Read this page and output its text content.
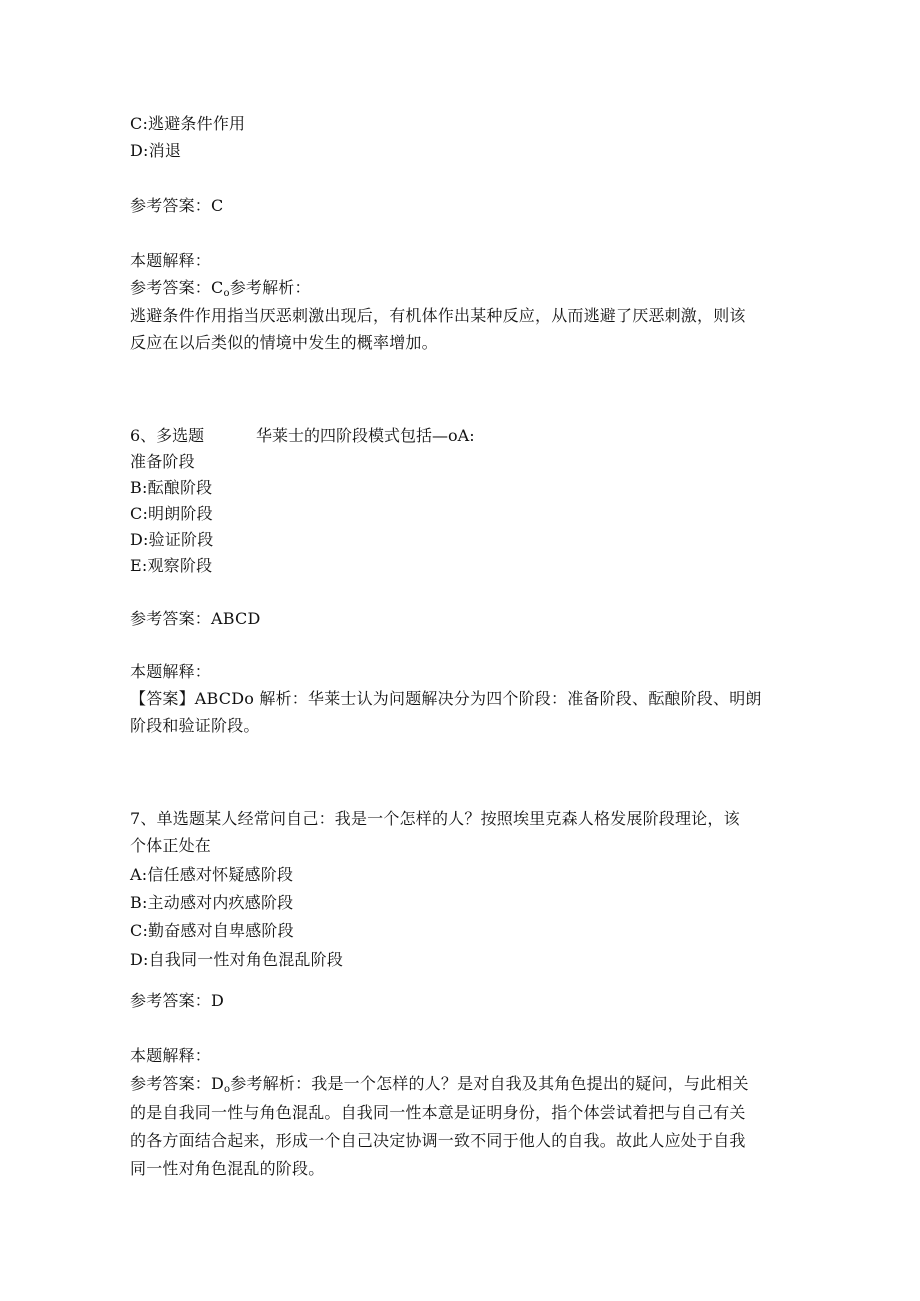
C:逃避条件作用
D:消退
参考答案：C
本题解释：
参考答案：$C_o$参考解析：
逃避条件作用指当厌恶刺激出现后，有机体作出某种反应，从而逃避了厌恶刺激，则该
反应在以后类似的情境中发生的概率增加。
6、多选题	华莱士的四阶段模式包括—oA:
准备阶段
B:酝酿阶段
C:明朗阶段
D:验证阶段
E:观察阶段
参考答案：ABCD
本题解释：
【答案】ABCDo 解析：华莱士认为问题解决分为四个阶段：准备阶段、酝酿阶段、明朗
阶段和验证阶段。
7、单选题某人经常问自己：我是一个怎样的人？按照埃里克森人格发展阶段理论，该
个体正处在
A:信任感对怀疑感阶段
B:主动感对内疚感阶段
C:勤奋感对自卑感阶段
D:自我同一性对角色混乱阶段
参考答案：D
本题解释：
参考答案：$D_o$参考解析：我是一个怎样的人？是对自我及其角色提出的疑问，与此相关
的是自我同一性与角色混乱。自我同一性本意是证明身份，指个体尝试着把与自己有关
的各方面结合起来，形成一个自己决定协调一致不同于他人的自我。故此人应处于自我
同一性对角色混乱的阶段。
